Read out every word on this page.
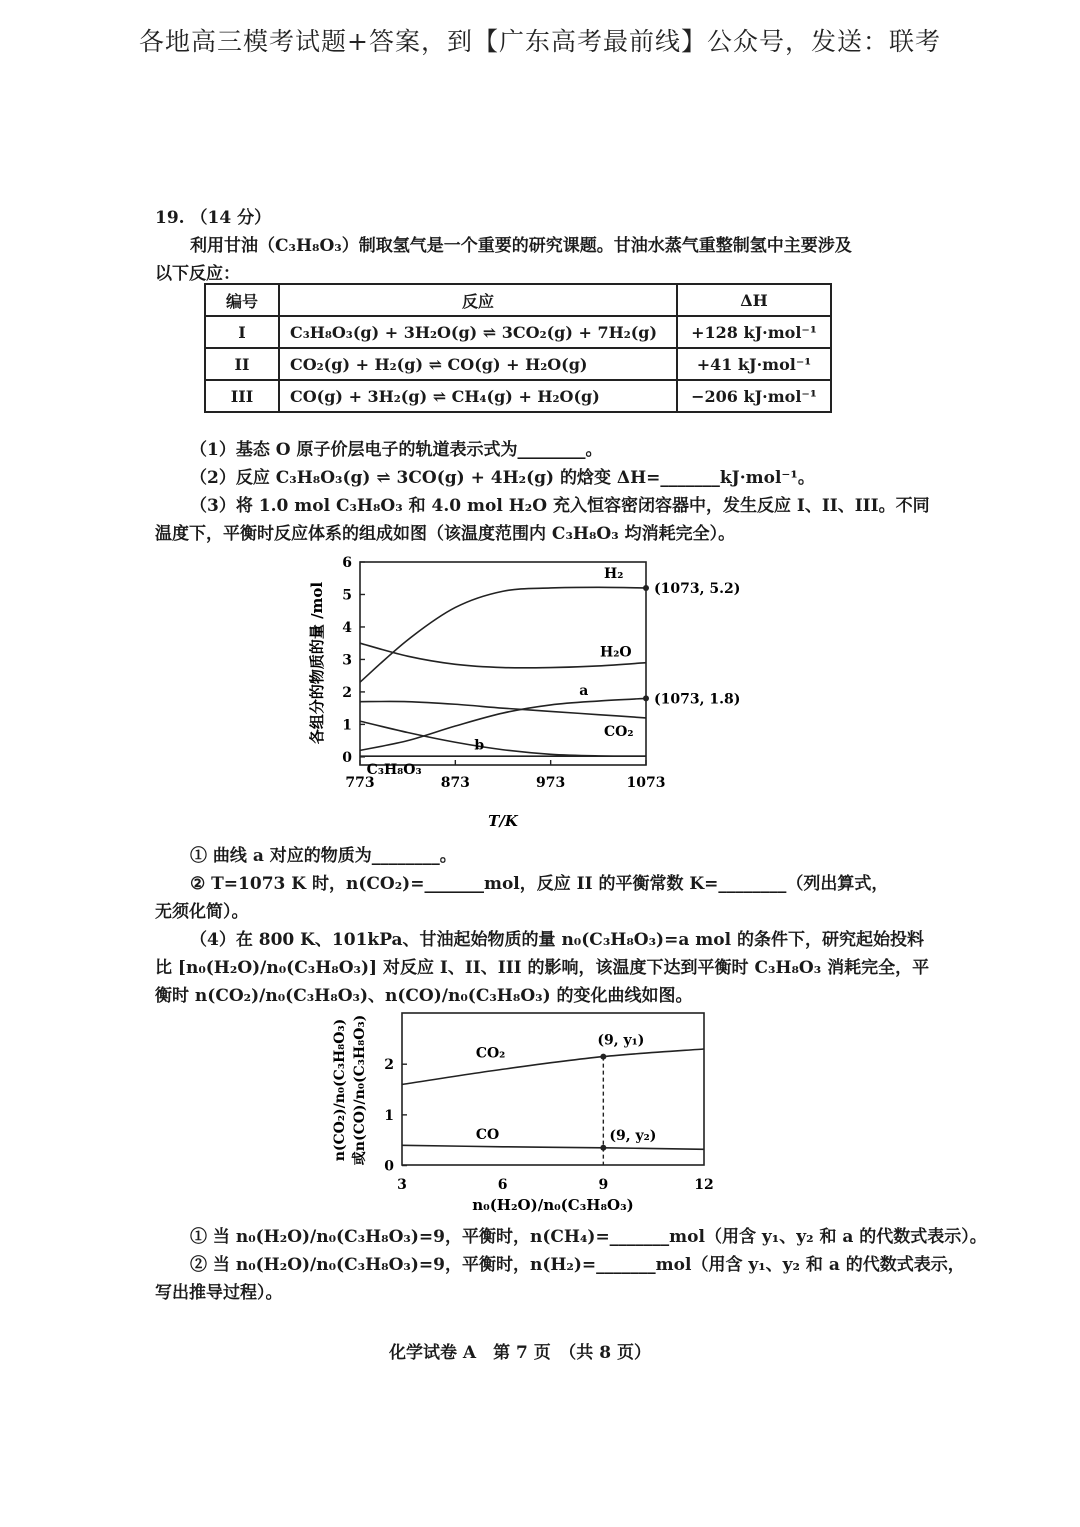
各地高三模考试题+答案，到【广东高考最前线】公众号，发送：联考
19. （14 分）
利用甘油（C₃H₈O₃）制取氢气是一个重要的研究课题。甘油水蒸气重整制氢中主要涉及
以下反应：
编号	反应	ΔH
I	C₃H₈O₃(g) + 3H₂O(g) ⇌ 3CO₂(g) + 7H₂(g)	+128 kJ·mol⁻¹
II	CO₂(g) + H₂(g) ⇌ CO(g) + H₂O(g)	+41 kJ·mol⁻¹
III	CO(g) + 3H₂(g) ⇌ CH₄(g) + H₂O(g)	−206 kJ·mol⁻¹
（1）基态 O 原子价层电子的轨道表示式为________。
（2）反应 C₃H₈O₃(g) ⇌ 3CO(g) + 4H₂(g) 的焓变 ΔH=_______kJ·mol⁻¹。
（3）将 1.0 mol C₃H₈O₃ 和 4.0 mol H₂O 充入恒容密闭容器中，发生反应 I、II、III。不同
温度下，平衡时反应体系的组成如图（该温度范围内 C₃H₈O₃ 均消耗完全）。
各组分的物质的量 /mol
T/K
0
1
2
3
4
5
6
773	873	973	1073
H₂
H₂O
a
CO₂
b
C₃H₈O₃
(1073, 5.2)
(1073, 1.8)
① 曲线 a 对应的物质为________。
② T=1073 K 时，n(CO₂)=_______mol，反应 II 的平衡常数 K=________（列出算式，
无须化简）。
（4）在 800 K、101kPa、甘油起始物质的量 n₀(C₃H₈O₃)=a mol 的条件下，研究起始投料
比 [n₀(H₂O)/n₀(C₃H₈O₃)] 对反应 I、II、III 的影响，该温度下达到平衡时 C₃H₈O₃ 消耗完全，平
衡时 n(CO₂)/n₀(C₃H₈O₃)、n(CO)/n₀(C₃H₈O₃) 的变化曲线如图。
n(CO₂)/n₀(C₃H₈O₃) 或n(CO)/n₀(C₃H₈O₃)
n₀(H₂O)/n₀(C₃H₈O₃)
0
1
2
3	6	9	12
CO₂
CO
(9, y₁)
(9, y₂)
① 当 n₀(H₂O)/n₀(C₃H₈O₃)=9，平衡时，n(CH₄)=_______mol（用含 y₁、y₂ 和 a 的代数式表示）。
② 当 n₀(H₂O)/n₀(C₃H₈O₃)=9，平衡时，n(H₂)=_______mol（用含 y₁、y₂ 和 a 的代数式表示，
写出推导过程）。
化学试卷 A　第 7 页　（共 8 页）
